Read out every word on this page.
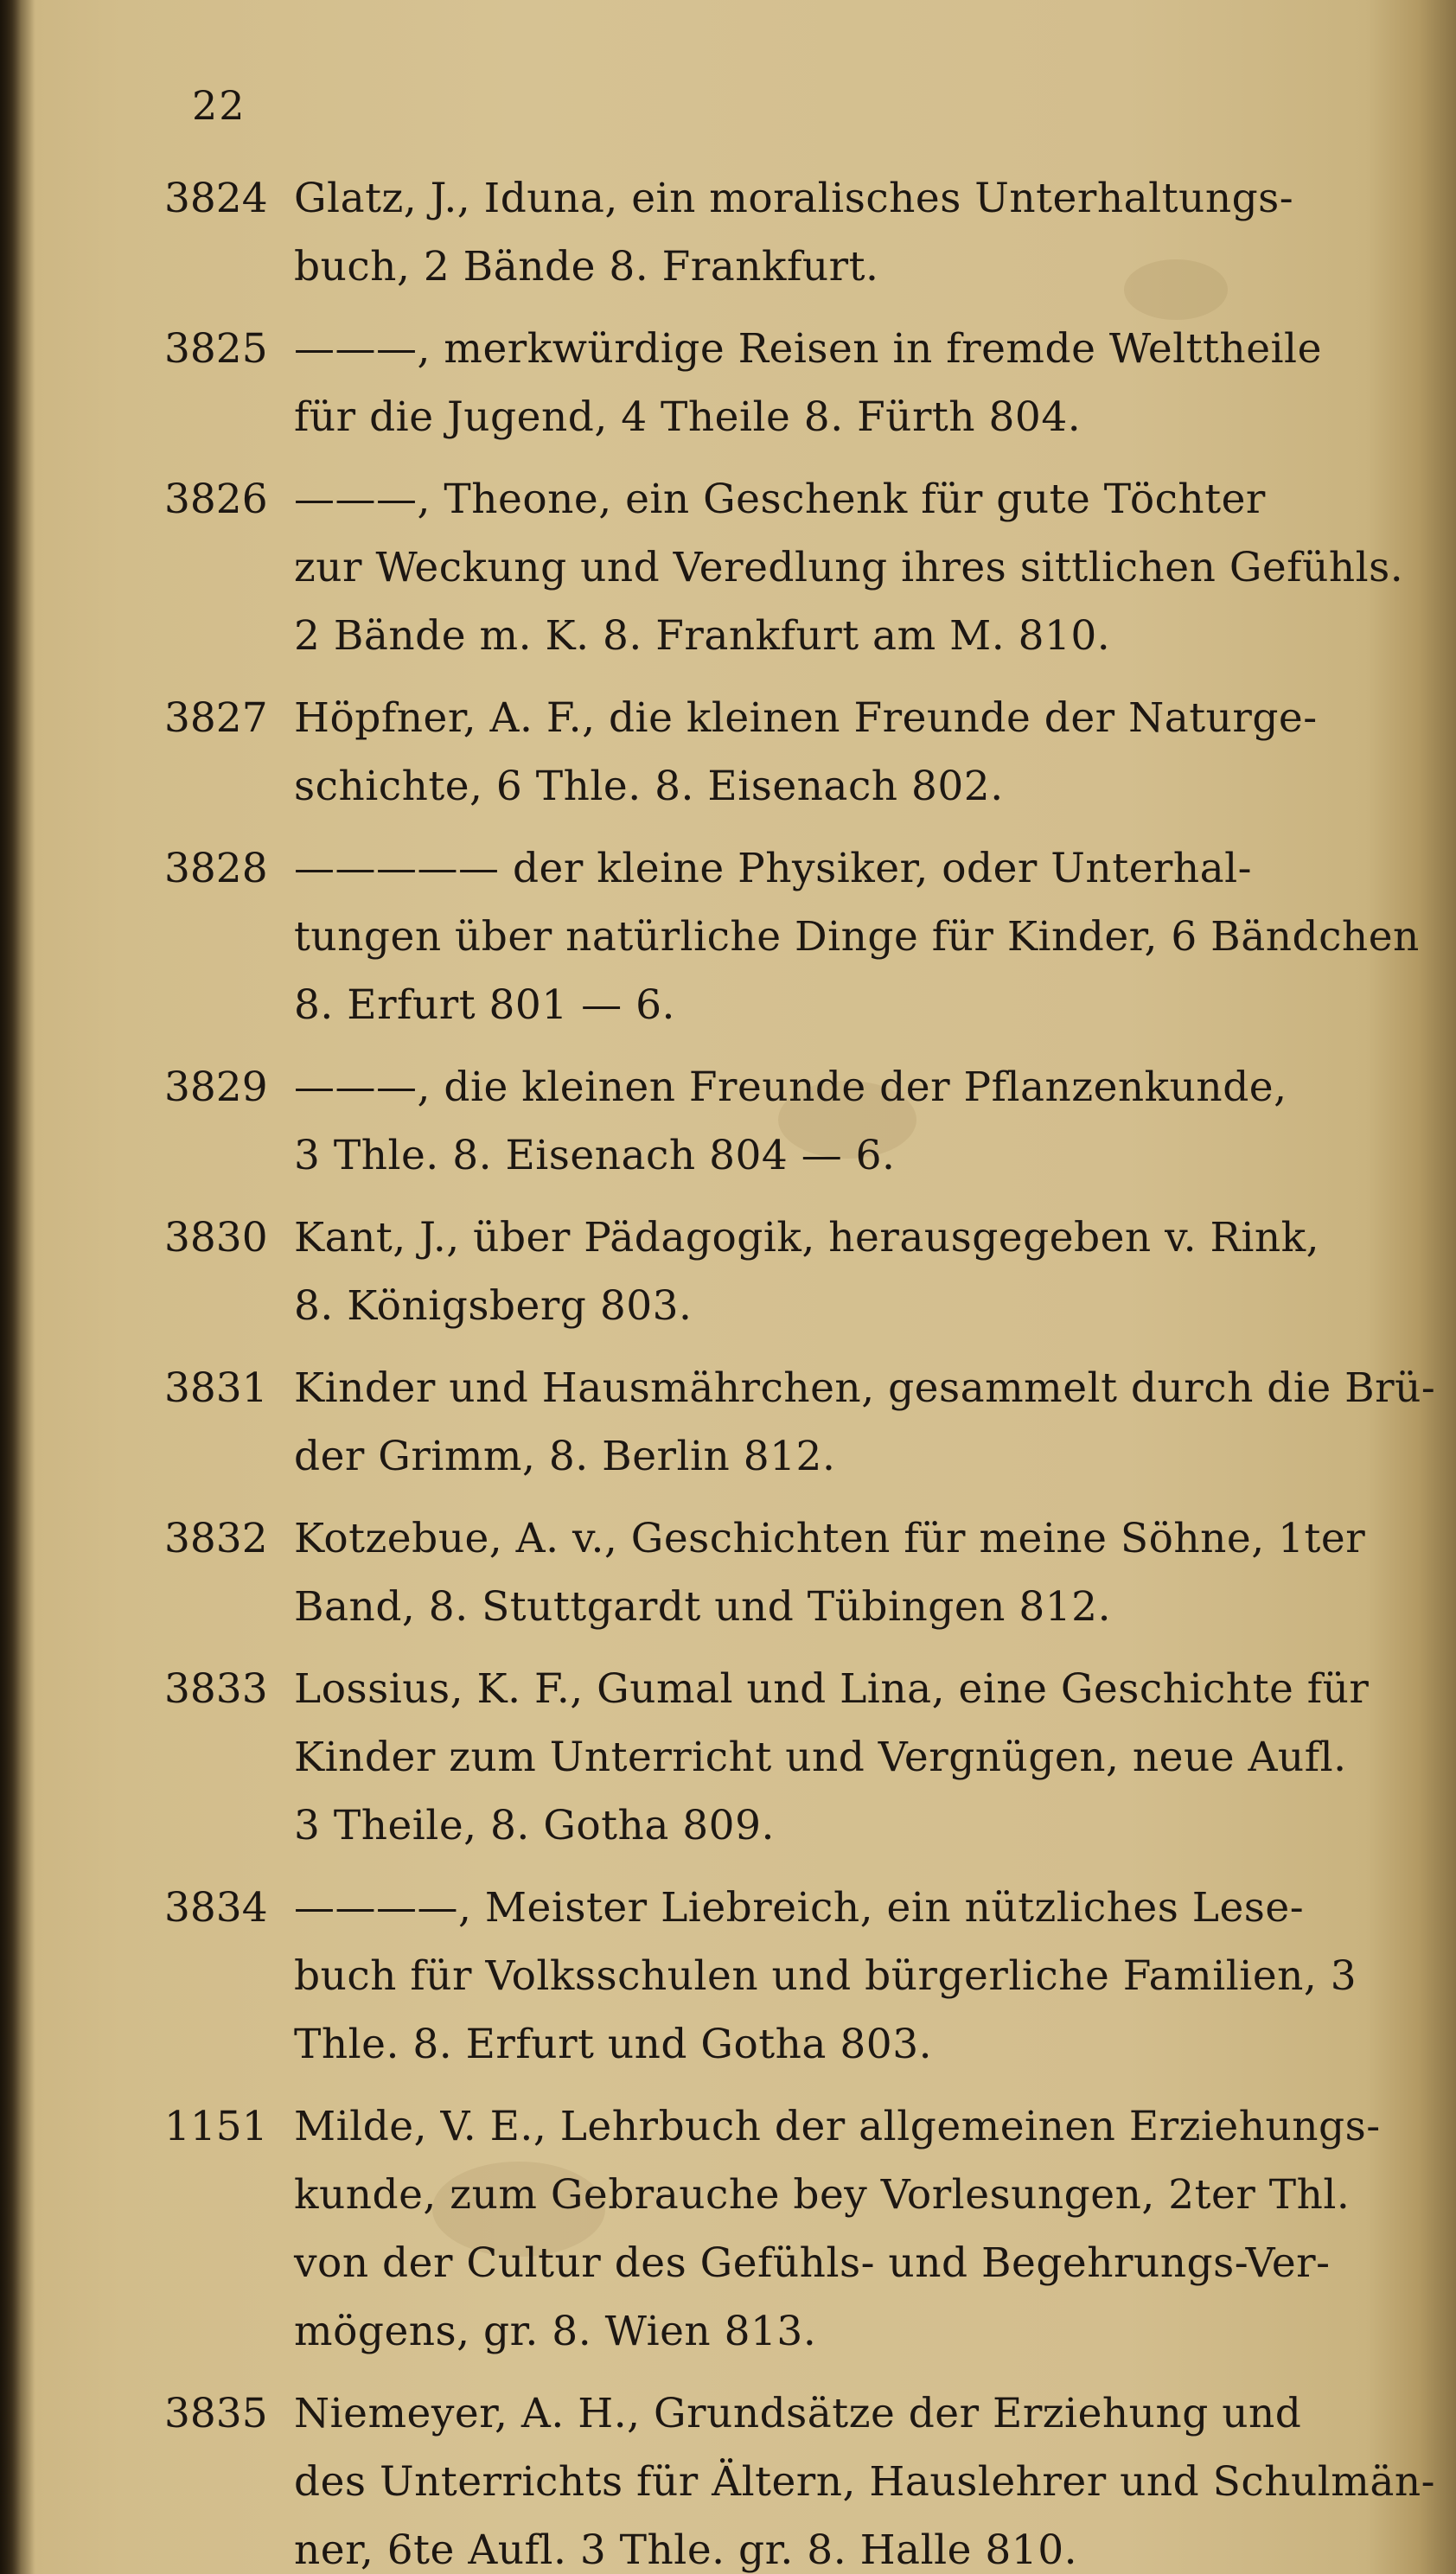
22
3824 Glatz, J., Iduna, ein moralisches Unterhaltungs-
buch, 2 Bände 8. Frankfurt.
3825 ———, merkwürdige Reisen in fremde Welttheile
für die Jugend, 4 Theile 8. Fürth 804.
3826 ———, Theone, ein Geschenk für gute Töchter
zur Weckung und Veredlung ihres sittlichen Gefühls.
2 Bände m. K. 8. Frankfurt am M. 810.
3827 Höpfner, A. F., die kleinen Freunde der Naturge-
schichte, 6 Thle. 8. Eisenach 802.
3828 ————— der kleine Physiker, oder Unterhal-
tungen über natürliche Dinge für Kinder, 6 Bändchen
8. Erfurt 801 — 6.
3829 ———, die kleinen Freunde der Pflanzenkunde,
3 Thle. 8. Eisenach 804 — 6.
3830 Kant, J., über Pädagogik, herausgegeben v. Rink,
8. Königsberg 803.
3831 Kinder und Hausmährchen, gesammelt durch die Brü-
der Grimm, 8. Berlin 812.
3832 Kotzebue, A. v., Geschichten für meine Söhne, 1ter
Band, 8. Stuttgardt und Tübingen 812.
3833 Lossius, K. F., Gumal und Lina, eine Geschichte für
Kinder zum Unterricht und Vergnügen, neue Aufl.
3 Theile, 8. Gotha 809.
3834 ————, Meister Liebreich, ein nützliches Lese-
buch für Volksschulen und bürgerliche Familien, 3
Thle. 8. Erfurt und Gotha 803.
1151 Milde, V. E., Lehrbuch der allgemeinen Erziehungs-
kunde, zum Gebrauche bey Vorlesungen, 2ter Thl.
von der Cultur des Gefühls- und Begehrungs-Ver-
mögens, gr. 8. Wien 813.
3835 Niemeyer, A. H., Grundsätze der Erziehung und
des Unterrichts für Ältern, Hauslehrer und Schulmän-
ner, 6te Aufl. 3 Thle. gr. 8. Halle 810.
